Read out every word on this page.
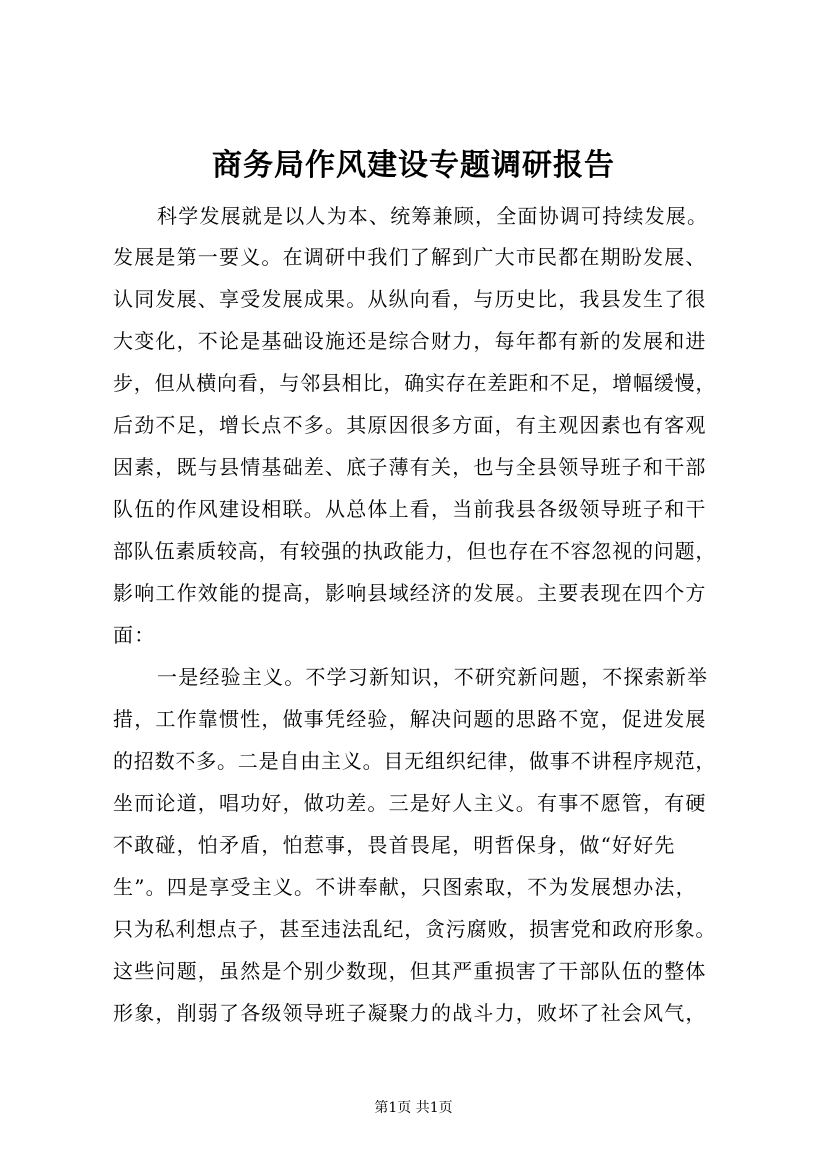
商务局作风建设专题调研报告
科学发展就是以人为本、统筹兼顾，全面协调可持续发展。
发展是第一要义。在调研中我们了解到广大市民都在期盼发展、
认同发展、享受发展成果。从纵向看，与历史比，我县发生了很
大变化，不论是基础设施还是综合财力，每年都有新的发展和进
步，但从横向看，与邻县相比，确实存在差距和不足，增幅缓慢，
后劲不足，增长点不多。其原因很多方面，有主观因素也有客观
因素，既与县情基础差、底子薄有关，也与全县领导班子和干部
队伍的作风建设相联。从总体上看，当前我县各级领导班子和干
部队伍素质较高，有较强的执政能力，但也存在不容忽视的问题，
影响工作效能的提高，影响县域经济的发展。主要表现在四个方
面：
一是经验主义。不学习新知识，不研究新问题，不探索新举
措，工作靠惯性，做事凭经验，解决问题的思路不宽，促进发展
的招数不多。二是自由主义。目无组织纪律，做事不讲程序规范，
坐而论道，唱功好，做功差。三是好人主义。有事不愿管，有硬
不敢碰，怕矛盾，怕惹事，畏首畏尾，明哲保身，做“好好先
生”。四是享受主义。不讲奉献，只图索取，不为发展想办法，
只为私利想点子，甚至违法乱纪，贪污腐败，损害党和政府形象。
这些问题，虽然是个别少数现，但其严重损害了干部队伍的整体
形象，削弱了各级领导班子凝聚力的战斗力，败坏了社会风气，
第1页 共1页
